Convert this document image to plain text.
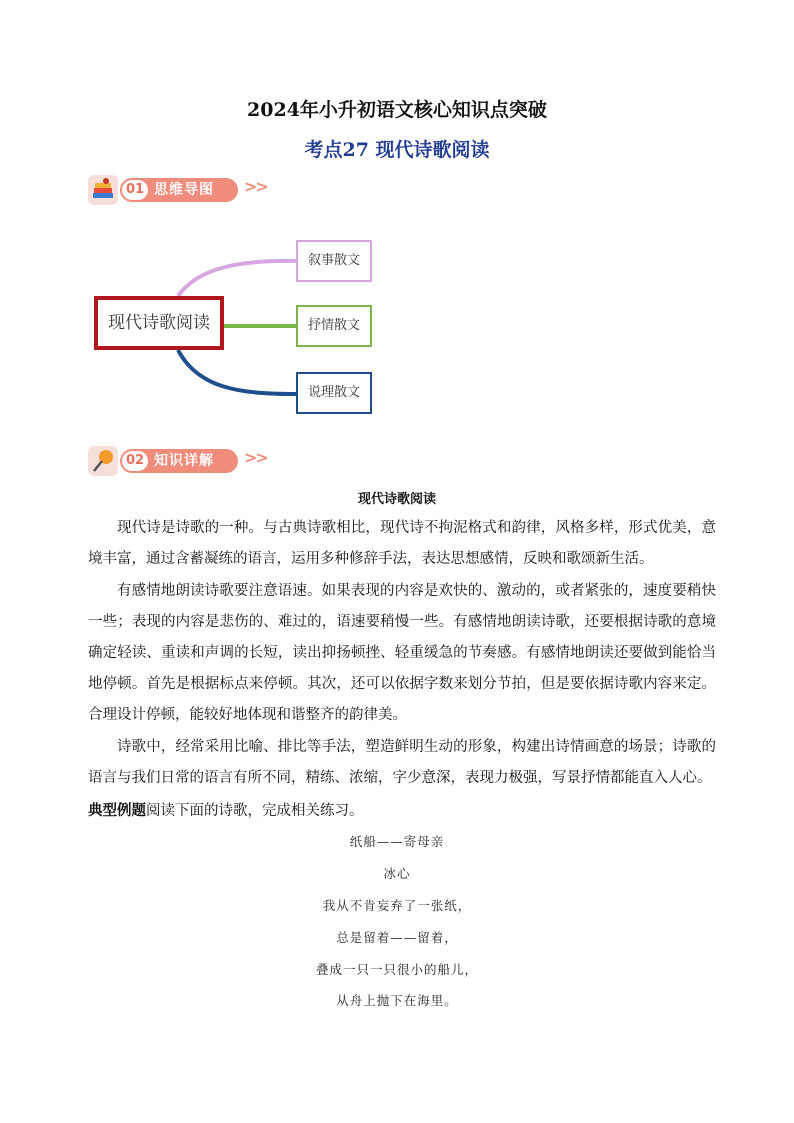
2024年小升初语文核心知识点突破
考点27 现代诗歌阅读
01 思维导图 >>
现代诗歌阅读
叙事散文
抒情散文
说理散文
02 知识详解 >>
现代诗歌阅读

现代诗是诗歌的一种。与古典诗歌相比，现代诗不拘泥格式和韵律，风格多样，形式优美，意境丰富，通过含蓄凝练的语言，运用多种修辞手法，表达思想感情，反映和歌颂新生活。

有感情地朗读诗歌要注意语速。如果表现的内容是欢快的、激动的，或者紧张的，速度要稍快一些；表现的内容是悲伤的、难过的，语速要稍慢一些。有感情地朗读诗歌，还要根据诗歌的意境确定轻读、重读和声调的长短，读出抑扬顿挫、轻重缓急的节奏感。有感情地朗读还要做到能恰当地停顿。首先是根据标点来停顿。其次，还可以依据字数来划分节拍，但是要依据诗歌内容来定。合理设计停顿，能较好地体现和谐整齐的韵律美。

诗歌中，经常采用比喻、排比等手法，塑造鲜明生动的形象，构建出诗情画意的场景；诗歌的语言与我们日常的语言有所不同，精练、浓缩，字少意深，表现力极强，写景抒情都能直入人心。

典型例题阅读下面的诗歌，完成相关练习。

纸船——寄母亲
冰心
我从不肯妄弃了一张纸，
总是留着——留着，
叠成一只一只很小的船儿，
从舟上抛下在海里。
